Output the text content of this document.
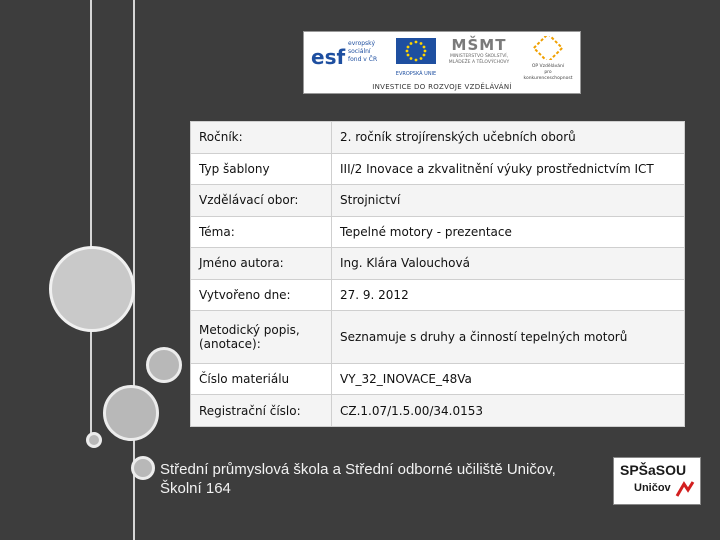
esf
evropský
sociální
fond v ČR
EVROPSKÁ UNIE
MŠMT
MINISTERSTVO ŠKOLSTVÍ,
MLÁDEŽE A TĚLOVÝCHOVY
OP Vzdělávání
pro konkurenceschopnost
INVESTICE DO ROZVOJE VZDĚLÁVÁNÍ
Ročník:	2. ročník strojírenských učebních oborů
Typ šablony	III/2 Inovace a zkvalitnění výuky prostřednictvím ICT
Vzdělávací obor:	Strojnictví
Téma:	Tepelné motory - prezentace
Jméno autora:	Ing. Klára Valouchová
Vytvořeno dne:	27. 9. 2012
Metodický popis, (anotace):	Seznamuje s druhy a činností tepelných motorů
Číslo materiálu	VY_32_INOVACE_48Va
Registrační číslo:	CZ.1.07/1.5.00/34.0153
Střední průmyslová škola a Střední odborné učiliště Uničov,
Školní 164
SPŠaSOU
Uničov
